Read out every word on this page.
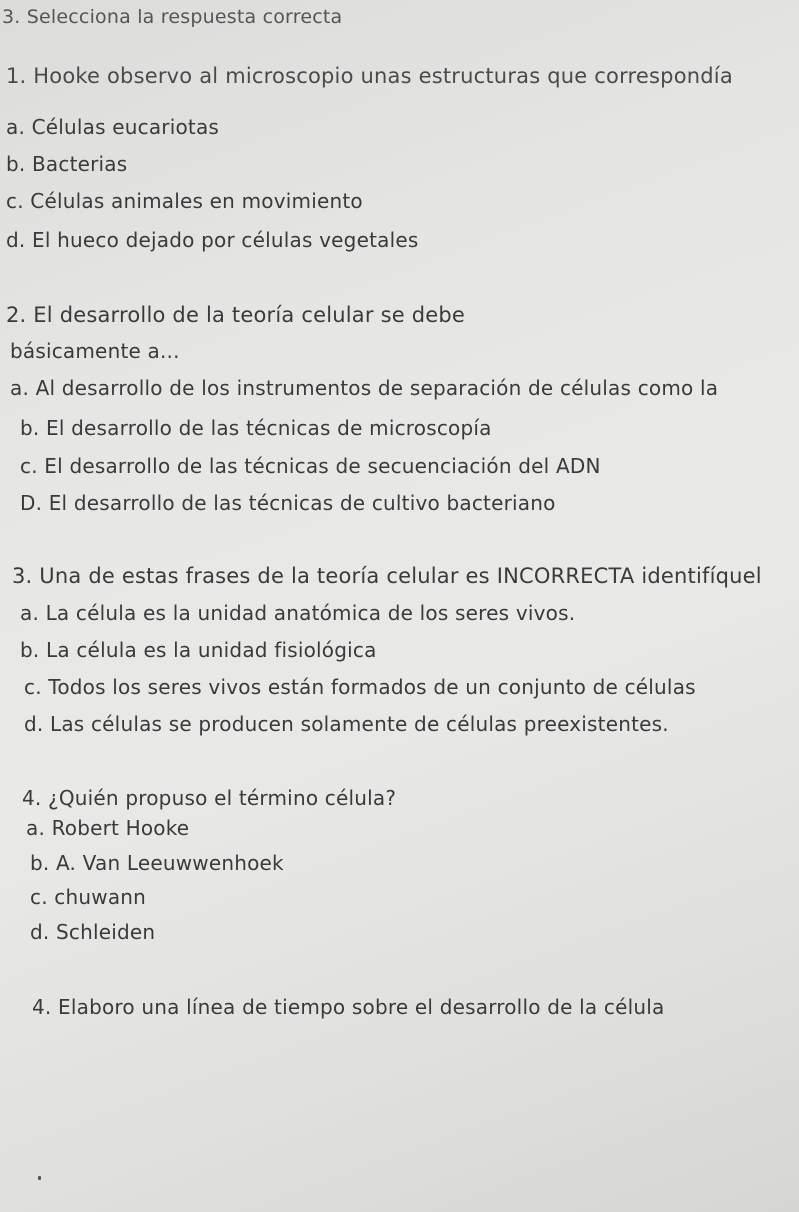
3. Selecciona la respuesta correcta
1. Hooke observo al microscopio unas estructuras que correspondía
a. Células eucariotas
b. Bacterias
c. Células animales en movimiento
d. El hueco dejado por células vegetales
2. El desarrollo de la teoría celular se debe
básicamente a...
a. Al desarrollo de los instrumentos de separación de células como la
b. El desarrollo de las técnicas de microscopía
c. El desarrollo de las técnicas de secuenciación del ADN
D. El desarrollo de las técnicas de cultivo bacteriano
3. Una de estas frases de la teoría celular es INCORRECTA identifíquel
a. La célula es la unidad anatómica de los seres vivos.
b. La célula es la unidad fisiológica
c. Todos los seres vivos están formados de un conjunto de células
d. Las células se producen solamente de células preexistentes.
4. ¿Quién propuso el término célula?
a. Robert Hooke
b. A. Van Leeuwwenhoek
c. chuwann
d. Schleiden
4. Elaboro una línea de tiempo sobre el desarrollo de la célula
